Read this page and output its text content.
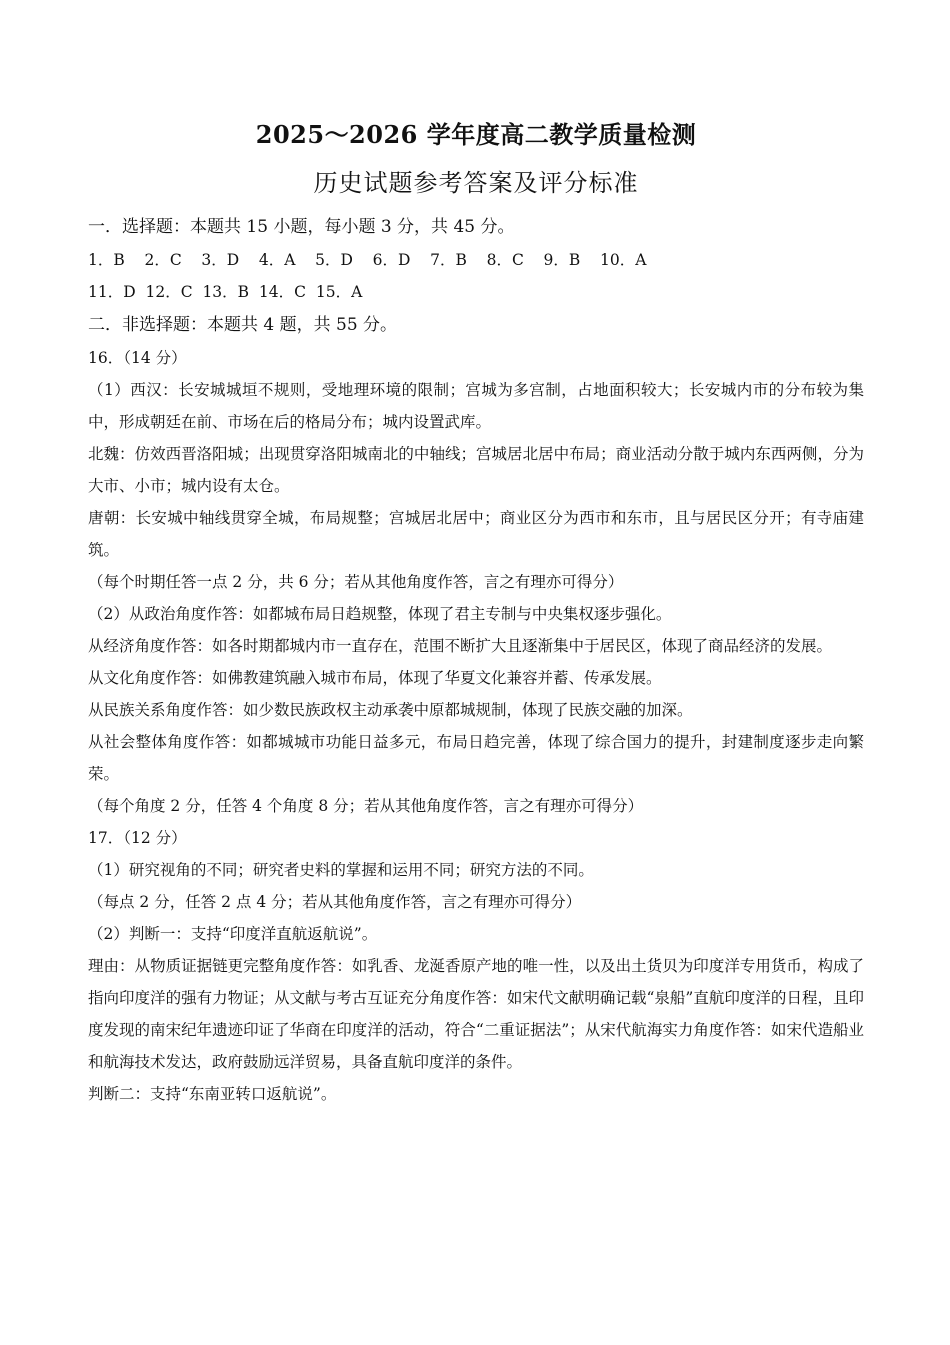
2025～2026 学年度高二教学质量检测
历史试题参考答案及评分标准

一．选择题：本题共 15 小题，每小题 3 分，共 45 分。

1．B    2．C    3．D    4．A    5．D    6．D    7．B    8．C    9．B    10．A

11．D  12．C  13．B  14．C  15．A

二．非选择题：本题共 4 题，共 55 分。

16．（14 分）

（1）西汉：长安城城垣不规则，受地理环境的限制；宫城为多宫制，占地面积较大；长安城内市的分布较为集中，形成朝廷在前、市场在后的格局分布；城内设置武库。

北魏：仿效西晋洛阳城；出现贯穿洛阳城南北的中轴线；宫城居北居中布局；商业活动分散于城内东西两侧，分为大市、小市；城内设有太仓。

唐朝：长安城中轴线贯穿全城，布局规整；宫城居北居中；商业区分为西市和东市，且与居民区分开；有寺庙建筑。

（每个时期任答一点 2 分，共 6 分；若从其他角度作答，言之有理亦可得分）

（2）从政治角度作答：如都城布局日趋规整，体现了君主专制与中央集权逐步强化。

从经济角度作答：如各时期都城内市一直存在，范围不断扩大且逐渐集中于居民区，体现了商品经济的发展。

从文化角度作答：如佛教建筑融入城市布局，体现了华夏文化兼容并蓄、传承发展。

从民族关系角度作答：如少数民族政权主动承袭中原都城规制，体现了民族交融的加深。

从社会整体角度作答：如都城城市功能日益多元，布局日趋完善，体现了综合国力的提升，封建制度逐步走向繁荣。

（每个角度 2 分，任答 4 个角度 8 分；若从其他角度作答，言之有理亦可得分）

17．（12 分）

（1）研究视角的不同；研究者史料的掌握和运用不同；研究方法的不同。

（每点 2 分，任答 2 点 4 分；若从其他角度作答，言之有理亦可得分）

（2）判断一：支持“印度洋直航返航说”。

理由：从物质证据链更完整角度作答：如乳香、龙涎香原产地的唯一性，以及出土货贝为印度洋专用货币，构成了指向印度洋的强有力物证；从文献与考古互证充分角度作答：如宋代文献明确记载“泉船”直航印度洋的日程，且印度发现的南宋纪年遗迹印证了华商在印度洋的活动，符合“二重证据法”；从宋代航海实力角度作答：如宋代造船业和航海技术发达，政府鼓励远洋贸易，具备直航印度洋的条件。

判断二：支持“东南亚转口返航说”。
